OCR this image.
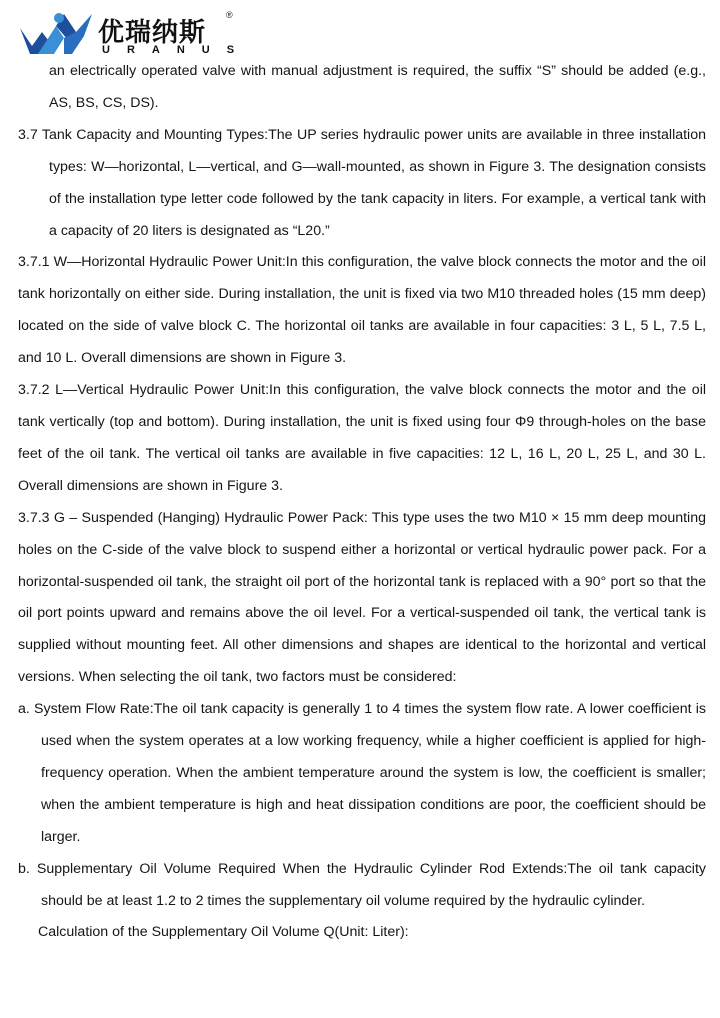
优瑞纳斯
®
URANUS

an electrically operated valve with manual adjustment is required, the suffix “S” should be added (e.g., AS, BS, CS, DS).

3.7 Tank Capacity and Mounting Types:The UP series hydraulic power units are available in three installation types: W—horizontal, L—vertical, and G—wall-mounted, as shown in Figure 3. The designation consists of the installation type letter code followed by the tank capacity in liters. For example, a vertical tank with a capacity of 20 liters is designated as “L20.”

3.7.1 W—Horizontal Hydraulic Power Unit:In this configuration, the valve block connects the motor and the oil tank horizontally on either side. During installation, the unit is fixed via two M10 threaded holes (15 mm deep) located on the side of valve block C. The horizontal oil tanks are available in four capacities: 3 L, 5 L, 7.5 L, and 10 L. Overall dimensions are shown in Figure 3.

3.7.2 L—Vertical Hydraulic Power Unit:In this configuration, the valve block connects the motor and the oil tank vertically (top and bottom). During installation, the unit is fixed using four Φ9 through-holes on the base feet of the oil tank. The vertical oil tanks are available in five capacities: 12 L, 16 L, 20 L, 25 L, and 30 L. Overall dimensions are shown in Figure 3.

3.7.3 G – Suspended (Hanging) Hydraulic Power Pack: This type uses the two M10 × 15 mm deep mounting holes on the C-side of the valve block to suspend either a horizontal or vertical hydraulic power pack. For a horizontal-suspended oil tank, the straight oil port of the horizontal tank is replaced with a 90° port so that the oil port points upward and remains above the oil level. For a vertical-suspended oil tank, the vertical tank is supplied without mounting feet. All other dimensions and shapes are identical to the horizontal and vertical versions. When selecting the oil tank, two factors must be considered:

a. System Flow Rate:The oil tank capacity is generally 1 to 4 times the system flow rate. A lower coefficient is used when the system operates at a low working frequency, while a higher coefficient is applied for high-frequency operation. When the ambient temperature around the system is low, the coefficient is smaller; when the ambient temperature is high and heat dissipation conditions are poor, the coefficient should be larger.

b. Supplementary Oil Volume Required When the Hydraulic Cylinder Rod Extends:The oil tank capacity should be at least 1.2 to 2 times the supplementary oil volume required by the hydraulic cylinder.

Calculation of the Supplementary Oil Volume Q(Unit: Liter):
